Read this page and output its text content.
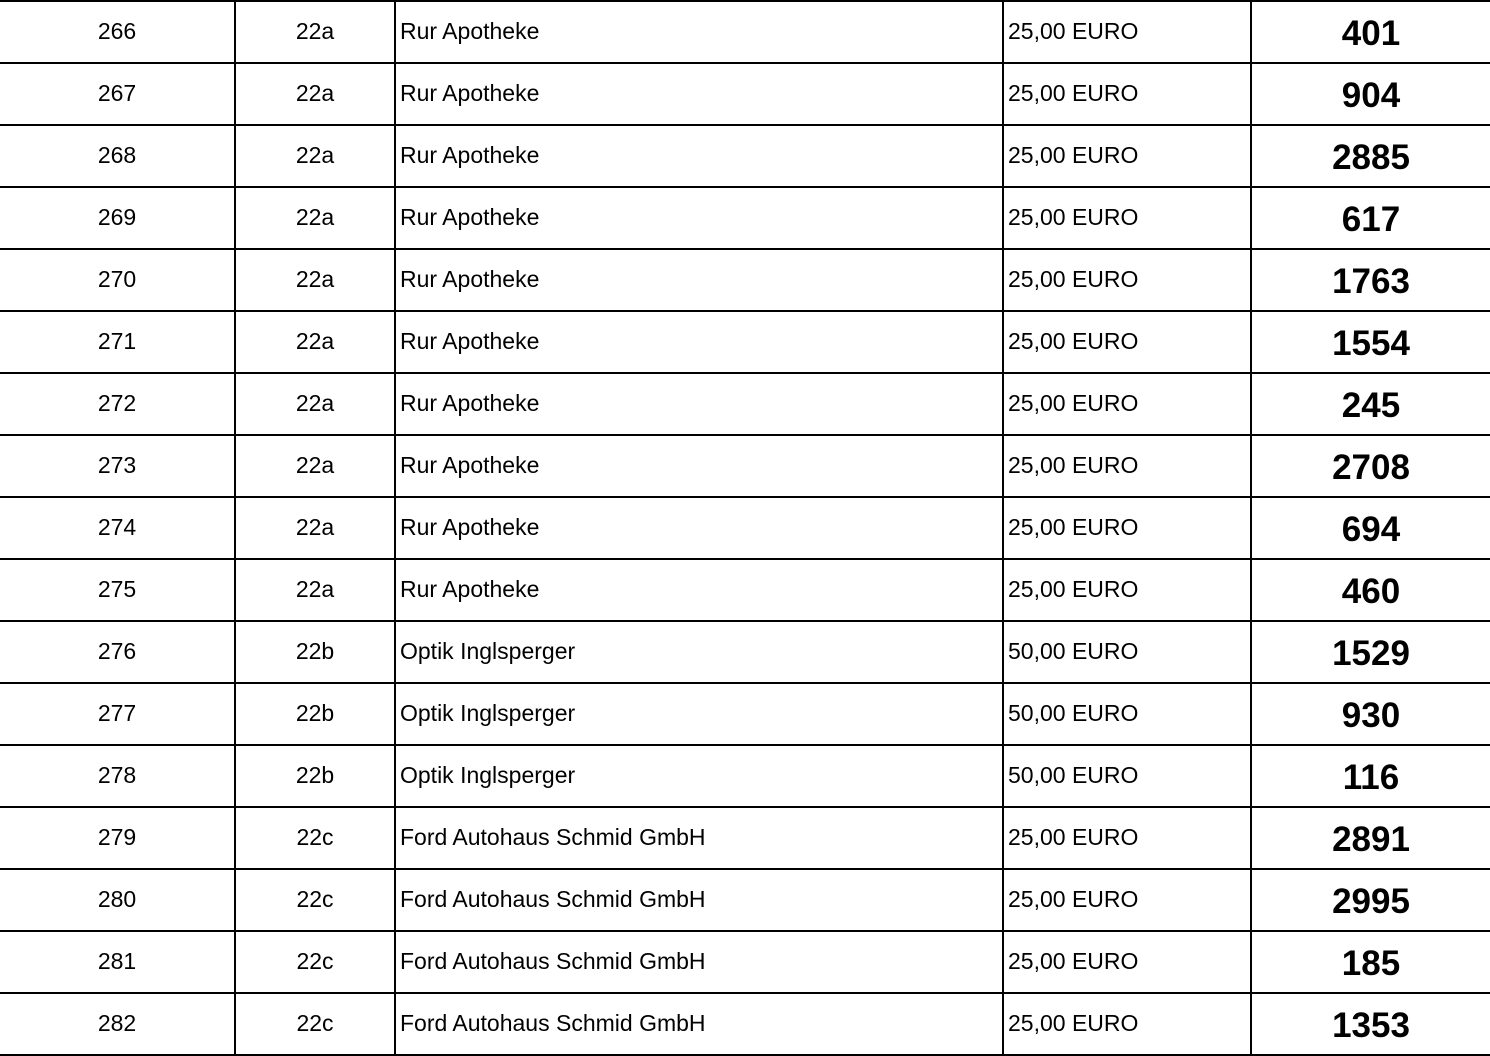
266	22a	Rur Apotheke	25,00 EURO	401
267	22a	Rur Apotheke	25,00 EURO	904
268	22a	Rur Apotheke	25,00 EURO	2885
269	22a	Rur Apotheke	25,00 EURO	617
270	22a	Rur Apotheke	25,00 EURO	1763
271	22a	Rur Apotheke	25,00 EURO	1554
272	22a	Rur Apotheke	25,00 EURO	245
273	22a	Rur Apotheke	25,00 EURO	2708
274	22a	Rur Apotheke	25,00 EURO	694
275	22a	Rur Apotheke	25,00 EURO	460
276	22b	Optik Inglsperger	50,00 EURO	1529
277	22b	Optik Inglsperger	50,00 EURO	930
278	22b	Optik Inglsperger	50,00 EURO	116
279	22c	Ford Autohaus Schmid GmbH	25,00 EURO	2891
280	22c	Ford Autohaus Schmid GmbH	25,00 EURO	2995
281	22c	Ford Autohaus Schmid GmbH	25,00 EURO	185
282	22c	Ford Autohaus Schmid GmbH	25,00 EURO	1353
